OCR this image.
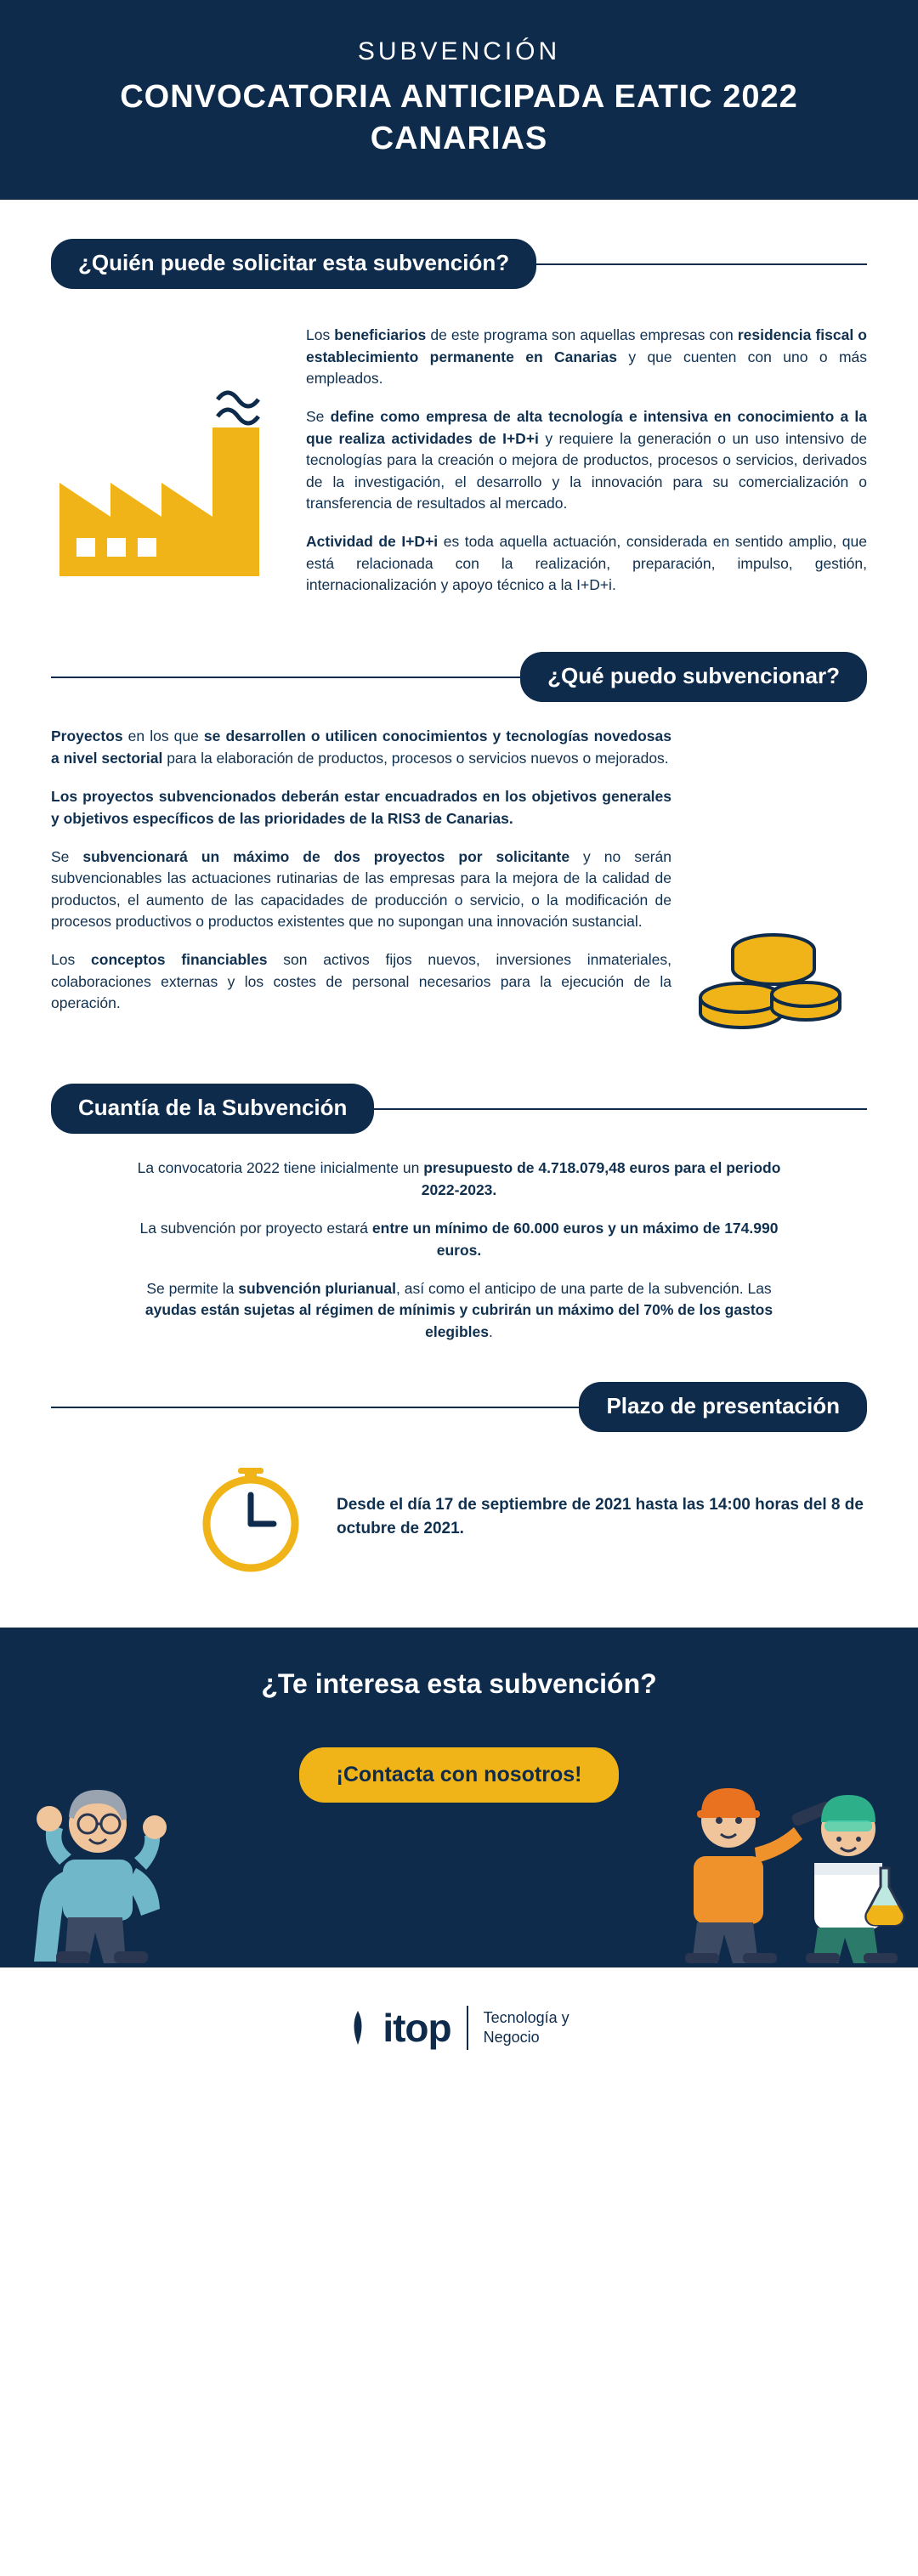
SUBVENCIÓN
CONVOCATORIA ANTICIPADA EATIC 2022
CANARIAS
¿Quién puede solicitar esta subvención?

Los beneficiarios de este programa son aquellas empresas con residencia fiscal o establecimiento permanente en Canarias y que cuenten con uno o más empleados.

Se define como empresa de alta tecnología e intensiva en conocimiento a la que realiza actividades de I+D+i y requiere la generación o un uso intensivo de tecnologías para la creación o mejora de productos, procesos o servicios, derivados de la investigación, el desarrollo y la innovación para su comercialización o transferencia de resultados al mercado.

Actividad de I+D+i es toda aquella actuación, considerada en sentido amplio, que está relacionada con la realización, preparación, impulso, gestión, internacionalización y apoyo técnico a la I+D+i.

¿Qué puedo subvencionar?

Proyectos en los que se desarrollen o utilicen conocimientos y tecnologías novedosas a nivel sectorial para la elaboración de productos, procesos o servicios nuevos o mejorados.

Los proyectos subvencionados deberán estar encuadrados en los objetivos generales y objetivos específicos de las prioridades de la RIS3 de Canarias.

Se subvencionará un máximo de dos proyectos por solicitante y no serán subvencionables las actuaciones rutinarias de las empresas para la mejora de la calidad de productos, el aumento de las capacidades de producción o servicio, o la modificación de procesos productivos o productos existentes que no supongan una innovación sustancial.

Los conceptos financiables son activos fijos nuevos, inversiones inmateriales, colaboraciones externas y los costes de personal necesarios para la ejecución de la operación.

Cuantía de la Subvención

La convocatoria 2022 tiene inicialmente un presupuesto de 4.718.079,48 euros para el periodo 2022-2023.

La subvención por proyecto estará entre un mínimo de 60.000 euros y un máximo de 174.990 euros.

Se permite la subvención plurianual, así como el anticipo de una parte de la subvención. Las ayudas están sujetas al régimen de mínimis y cubrirán un máximo del 70% de los gastos elegibles.

Plazo de presentación

Desde el día 17 de septiembre de 2021 hasta las 14:00 horas del 8 de octubre de 2021.

¿Te interesa esta subvención?
¡Contacta con nosotros!
itop Tecnología y
Negocio
